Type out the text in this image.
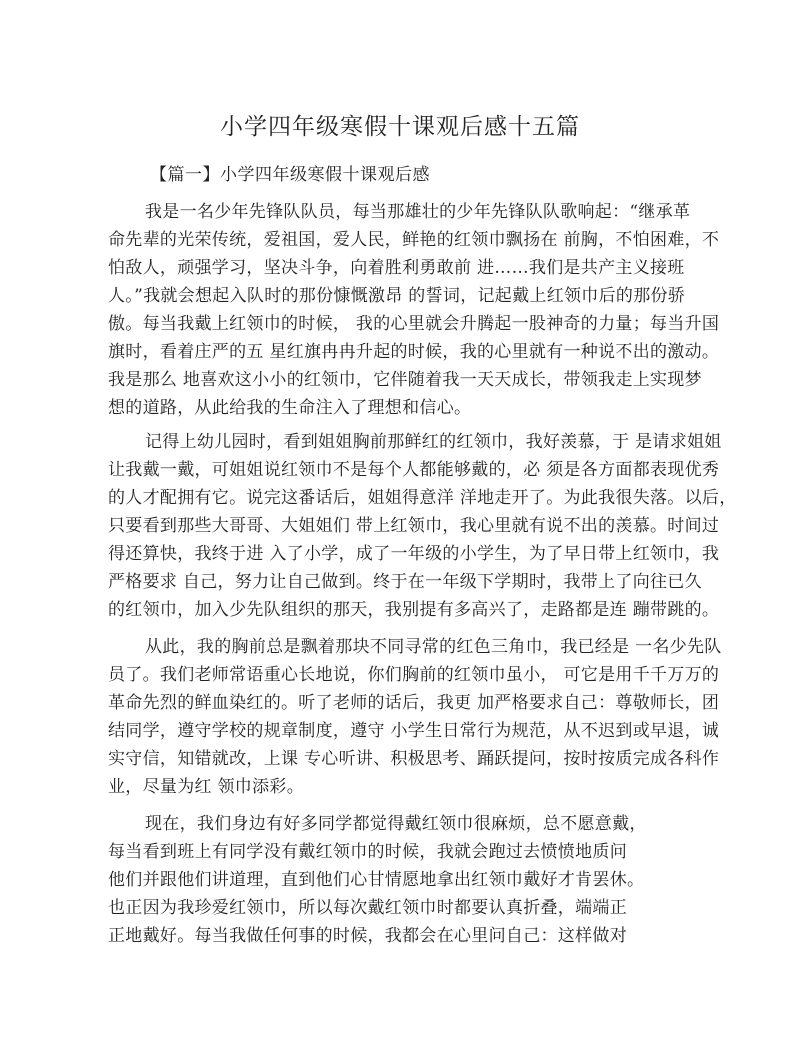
小学四年级寒假十课观后感十五篇
【篇一】小学四年级寒假十课观后感
我是一名少年先锋队队员，每当那雄壮的少年先锋队队歌响起：“继承革
命先辈的光荣传统，爱祖国，爱人民，鲜艳的红领巾飘扬在 前胸，不怕困难，不
怕敌人，顽强学习，坚决斗争，向着胜利勇敢前 进……我们是共产主义接班
人。”我就会想起入队时的那份慷慨激昂 的誓词，记起戴上红领巾后的那份骄
傲。每当我戴上红领巾的时候， 我的心里就会升腾起一股神奇的力量；每当升国
旗时，看着庄严的五 星红旗冉冉升起的时候，我的心里就有一种说不出的激动。
我是那么 地喜欢这小小的红领巾，它伴随着我一天天成长，带领我走上实现梦
想的道路，从此给我的生命注入了理想和信心。
记得上幼儿园时，看到姐姐胸前那鲜红的红领巾，我好羡慕，于 是请求姐姐
让我戴一戴，可姐姐说红领巾不是每个人都能够戴的，必 须是各方面都表现优秀
的人才配拥有它。说完这番话后，姐姐得意洋 洋地走开了。为此我很失落。以后，
只要看到那些大哥哥、大姐姐们 带上红领巾，我心里就有说不出的羡慕。时间过
得还算快，我终于进 入了小学，成了一年级的小学生，为了早日带上红领巾，我
严格要求 自己，努力让自己做到。终于在一年级下学期时，我带上了向往已久
的红领巾，加入少先队组织的那天，我别提有多高兴了，走路都是连 蹦带跳的。
从此，我的胸前总是飘着那块不同寻常的红色三角巾，我已经是 一名少先队
员了。我们老师常语重心长地说，你们胸前的红领巾虽小， 可它是用千千万万的
革命先烈的鲜血染红的。听了老师的话后，我更 加严格要求自己：尊敬师长，团
结同学，遵守学校的规章制度，遵守 小学生日常行为规范，从不迟到或早退，诚
实守信，知错就改，上课 专心听讲、积极思考、踊跃提问，按时按质完成各科作
业，尽量为红 领巾添彩。
现在，我们身边有好多同学都觉得戴红领巾很麻烦，总不愿意戴，
每当看到班上有同学没有戴红领巾的时候，我就会跑过去愤愤地质问
他们并跟他们讲道理，直到他们心甘情愿地拿出红领巾戴好才肯罢休。
也正因为我珍爱红领巾，所以每次戴红领巾时都要认真折叠，端端正
正地戴好。每当我做任何事的时候，我都会在心里问自己：这样做对
